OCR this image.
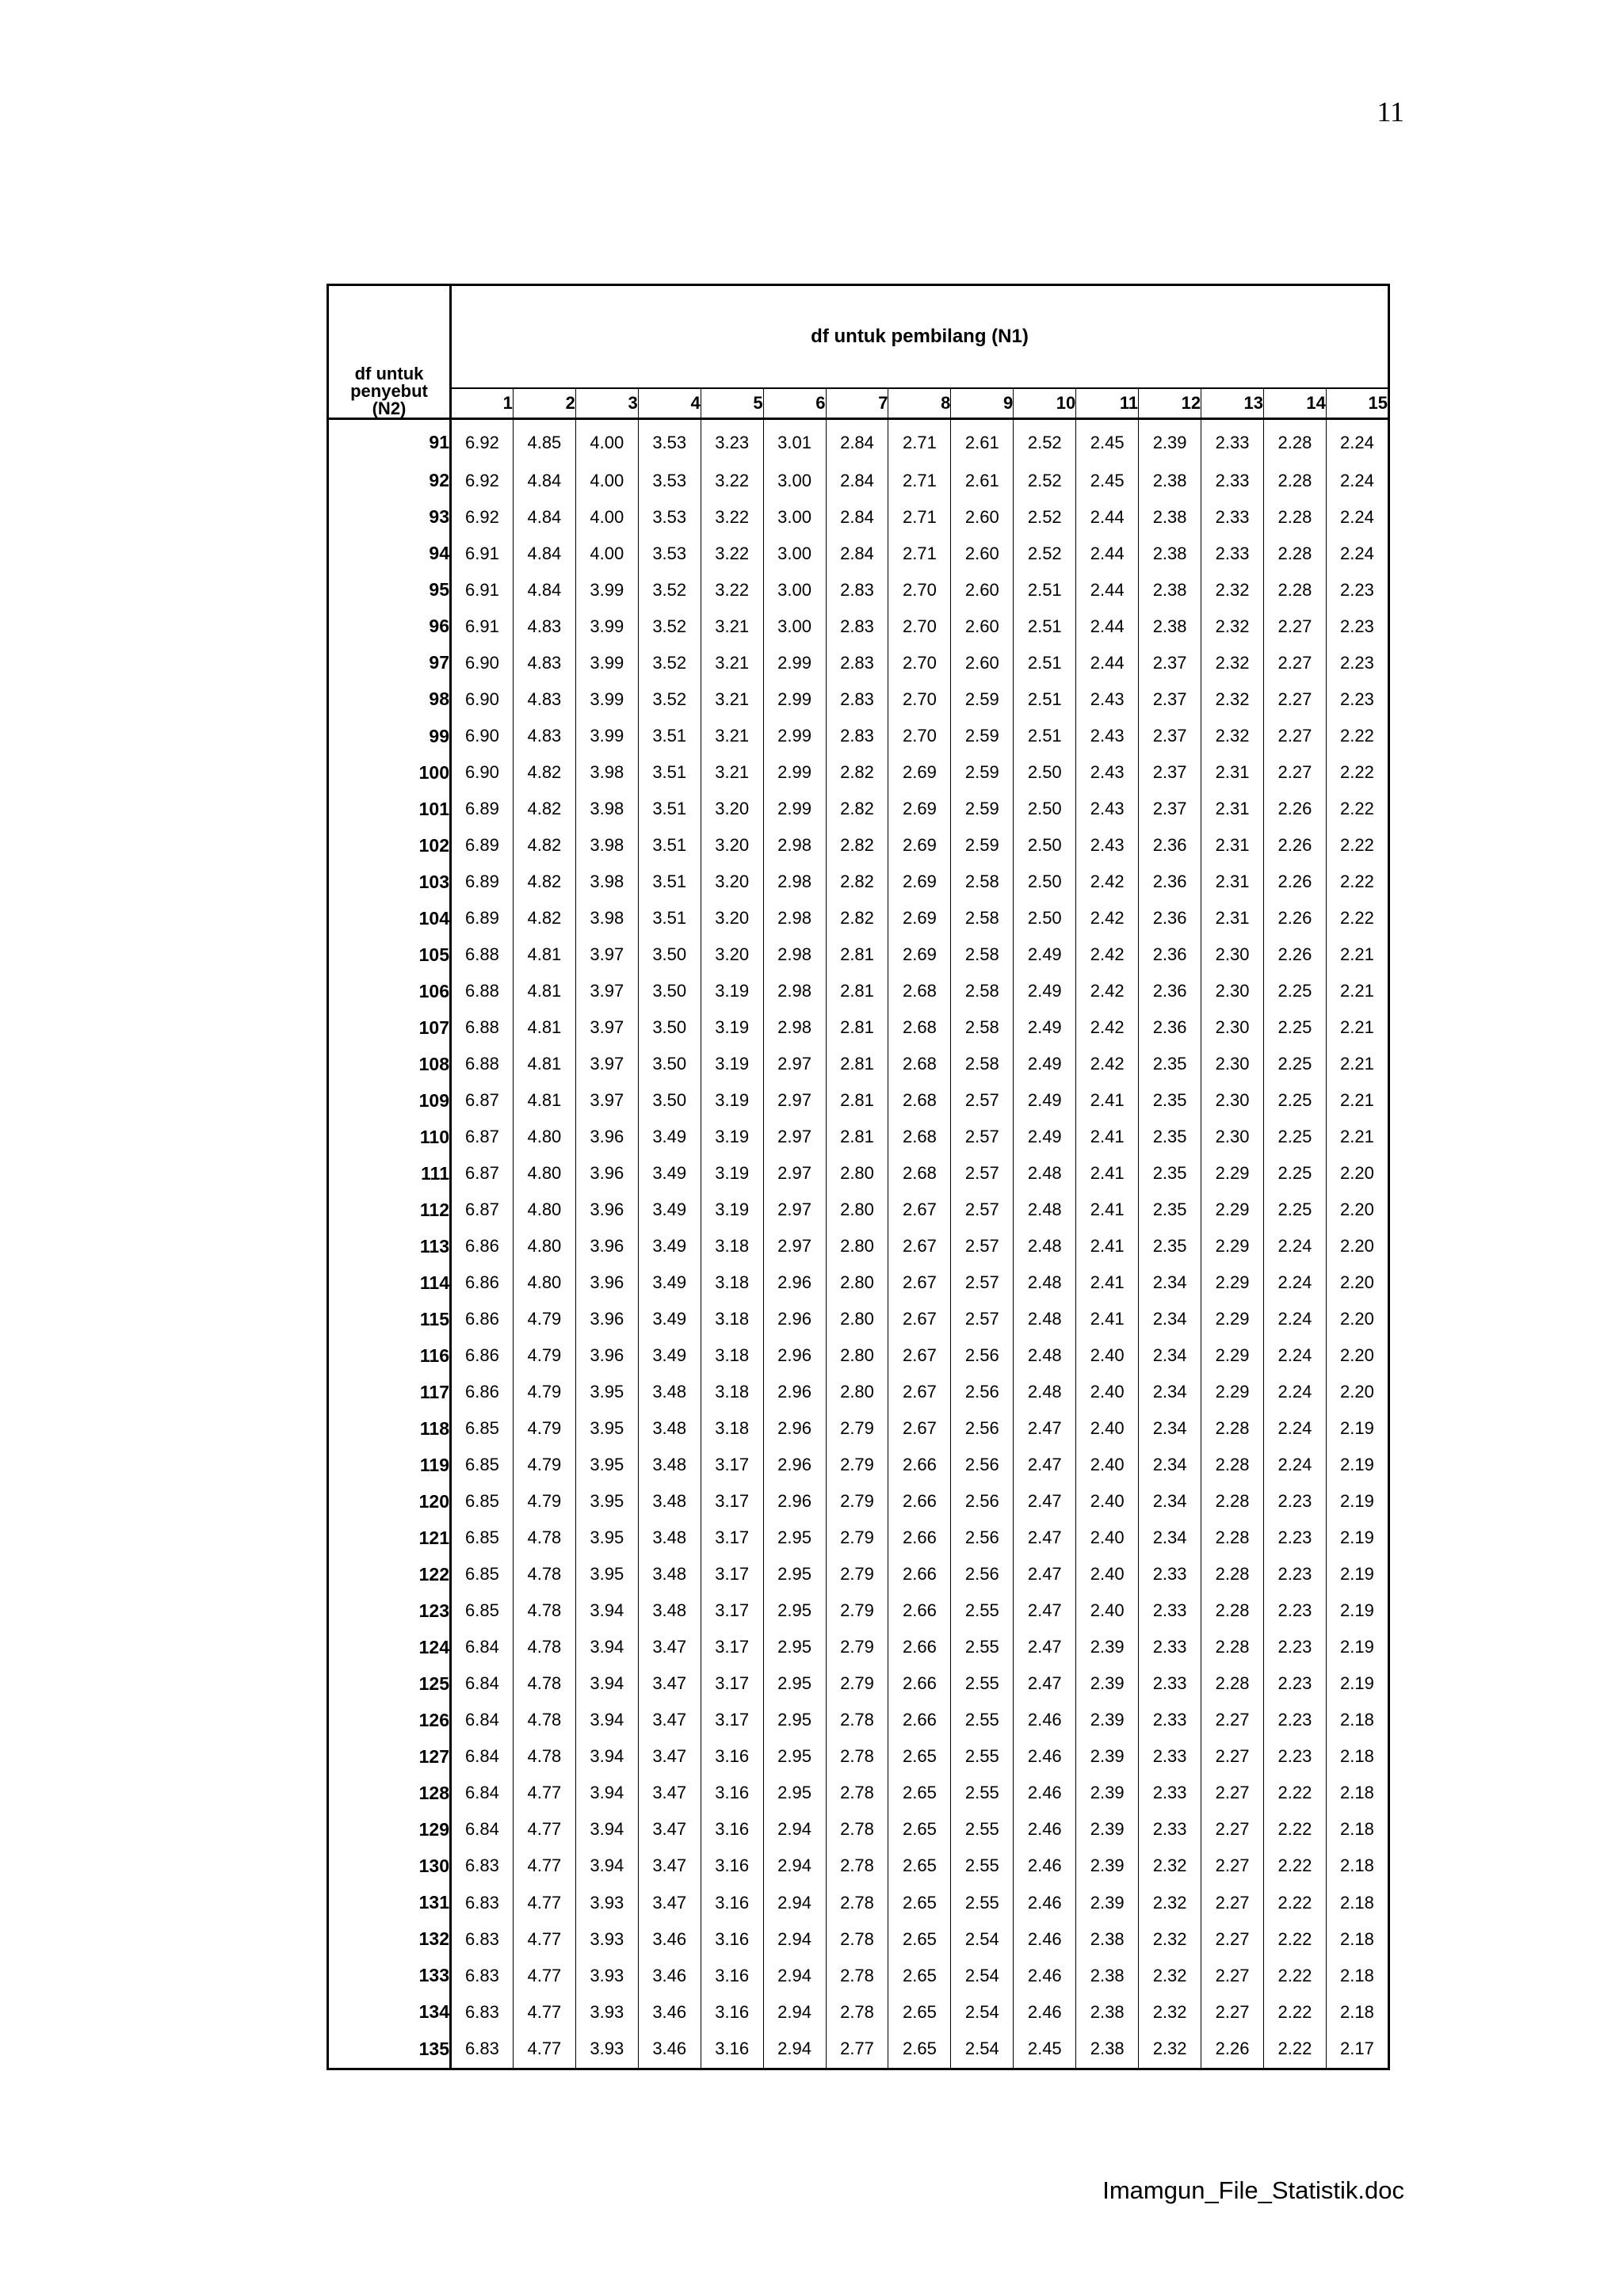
11
df untuk
penyebut
(N2)	df untuk pembilang (N1)														
	1	2	3	4	5	6	7	8	9	10	11	12	13	14	15
91	6.92	4.85	4.00	3.53	3.23	3.01	2.84	2.71	2.61	2.52	2.45	2.39	2.33	2.28	2.24
92	6.92	4.84	4.00	3.53	3.22	3.00	2.84	2.71	2.61	2.52	2.45	2.38	2.33	2.28	2.24
93	6.92	4.84	4.00	3.53	3.22	3.00	2.84	2.71	2.60	2.52	2.44	2.38	2.33	2.28	2.24
94	6.91	4.84	4.00	3.53	3.22	3.00	2.84	2.71	2.60	2.52	2.44	2.38	2.33	2.28	2.24
95	6.91	4.84	3.99	3.52	3.22	3.00	2.83	2.70	2.60	2.51	2.44	2.38	2.32	2.28	2.23
96	6.91	4.83	3.99	3.52	3.21	3.00	2.83	2.70	2.60	2.51	2.44	2.38	2.32	2.27	2.23
97	6.90	4.83	3.99	3.52	3.21	2.99	2.83	2.70	2.60	2.51	2.44	2.37	2.32	2.27	2.23
98	6.90	4.83	3.99	3.52	3.21	2.99	2.83	2.70	2.59	2.51	2.43	2.37	2.32	2.27	2.23
99	6.90	4.83	3.99	3.51	3.21	2.99	2.83	2.70	2.59	2.51	2.43	2.37	2.32	2.27	2.22
100	6.90	4.82	3.98	3.51	3.21	2.99	2.82	2.69	2.59	2.50	2.43	2.37	2.31	2.27	2.22
101	6.89	4.82	3.98	3.51	3.20	2.99	2.82	2.69	2.59	2.50	2.43	2.37	2.31	2.26	2.22
102	6.89	4.82	3.98	3.51	3.20	2.98	2.82	2.69	2.59	2.50	2.43	2.36	2.31	2.26	2.22
103	6.89	4.82	3.98	3.51	3.20	2.98	2.82	2.69	2.58	2.50	2.42	2.36	2.31	2.26	2.22
104	6.89	4.82	3.98	3.51	3.20	2.98	2.82	2.69	2.58	2.50	2.42	2.36	2.31	2.26	2.22
105	6.88	4.81	3.97	3.50	3.20	2.98	2.81	2.69	2.58	2.49	2.42	2.36	2.30	2.26	2.21
106	6.88	4.81	3.97	3.50	3.19	2.98	2.81	2.68	2.58	2.49	2.42	2.36	2.30	2.25	2.21
107	6.88	4.81	3.97	3.50	3.19	2.98	2.81	2.68	2.58	2.49	2.42	2.36	2.30	2.25	2.21
108	6.88	4.81	3.97	3.50	3.19	2.97	2.81	2.68	2.58	2.49	2.42	2.35	2.30	2.25	2.21
109	6.87	4.81	3.97	3.50	3.19	2.97	2.81	2.68	2.57	2.49	2.41	2.35	2.30	2.25	2.21
110	6.87	4.80	3.96	3.49	3.19	2.97	2.81	2.68	2.57	2.49	2.41	2.35	2.30	2.25	2.21
111	6.87	4.80	3.96	3.49	3.19	2.97	2.80	2.68	2.57	2.48	2.41	2.35	2.29	2.25	2.20
112	6.87	4.80	3.96	3.49	3.19	2.97	2.80	2.67	2.57	2.48	2.41	2.35	2.29	2.25	2.20
113	6.86	4.80	3.96	3.49	3.18	2.97	2.80	2.67	2.57	2.48	2.41	2.35	2.29	2.24	2.20
114	6.86	4.80	3.96	3.49	3.18	2.96	2.80	2.67	2.57	2.48	2.41	2.34	2.29	2.24	2.20
115	6.86	4.79	3.96	3.49	3.18	2.96	2.80	2.67	2.57	2.48	2.41	2.34	2.29	2.24	2.20
116	6.86	4.79	3.96	3.49	3.18	2.96	2.80	2.67	2.56	2.48	2.40	2.34	2.29	2.24	2.20
117	6.86	4.79	3.95	3.48	3.18	2.96	2.80	2.67	2.56	2.48	2.40	2.34	2.29	2.24	2.20
118	6.85	4.79	3.95	3.48	3.18	2.96	2.79	2.67	2.56	2.47	2.40	2.34	2.28	2.24	2.19
119	6.85	4.79	3.95	3.48	3.17	2.96	2.79	2.66	2.56	2.47	2.40	2.34	2.28	2.24	2.19
120	6.85	4.79	3.95	3.48	3.17	2.96	2.79	2.66	2.56	2.47	2.40	2.34	2.28	2.23	2.19
121	6.85	4.78	3.95	3.48	3.17	2.95	2.79	2.66	2.56	2.47	2.40	2.34	2.28	2.23	2.19
122	6.85	4.78	3.95	3.48	3.17	2.95	2.79	2.66	2.56	2.47	2.40	2.33	2.28	2.23	2.19
123	6.85	4.78	3.94	3.48	3.17	2.95	2.79	2.66	2.55	2.47	2.40	2.33	2.28	2.23	2.19
124	6.84	4.78	3.94	3.47	3.17	2.95	2.79	2.66	2.55	2.47	2.39	2.33	2.28	2.23	2.19
125	6.84	4.78	3.94	3.47	3.17	2.95	2.79	2.66	2.55	2.47	2.39	2.33	2.28	2.23	2.19
126	6.84	4.78	3.94	3.47	3.17	2.95	2.78	2.66	2.55	2.46	2.39	2.33	2.27	2.23	2.18
127	6.84	4.78	3.94	3.47	3.16	2.95	2.78	2.65	2.55	2.46	2.39	2.33	2.27	2.23	2.18
128	6.84	4.77	3.94	3.47	3.16	2.95	2.78	2.65	2.55	2.46	2.39	2.33	2.27	2.22	2.18
129	6.84	4.77	3.94	3.47	3.16	2.94	2.78	2.65	2.55	2.46	2.39	2.33	2.27	2.22	2.18
130	6.83	4.77	3.94	3.47	3.16	2.94	2.78	2.65	2.55	2.46	2.39	2.32	2.27	2.22	2.18
131	6.83	4.77	3.93	3.47	3.16	2.94	2.78	2.65	2.55	2.46	2.39	2.32	2.27	2.22	2.18
132	6.83	4.77	3.93	3.46	3.16	2.94	2.78	2.65	2.54	2.46	2.38	2.32	2.27	2.22	2.18
133	6.83	4.77	3.93	3.46	3.16	2.94	2.78	2.65	2.54	2.46	2.38	2.32	2.27	2.22	2.18
134	6.83	4.77	3.93	3.46	3.16	2.94	2.78	2.65	2.54	2.46	2.38	2.32	2.27	2.22	2.18
135	6.83	4.77	3.93	3.46	3.16	2.94	2.77	2.65	2.54	2.45	2.38	2.32	2.26	2.22	2.17
Imamgun_File_Statistik.doc
